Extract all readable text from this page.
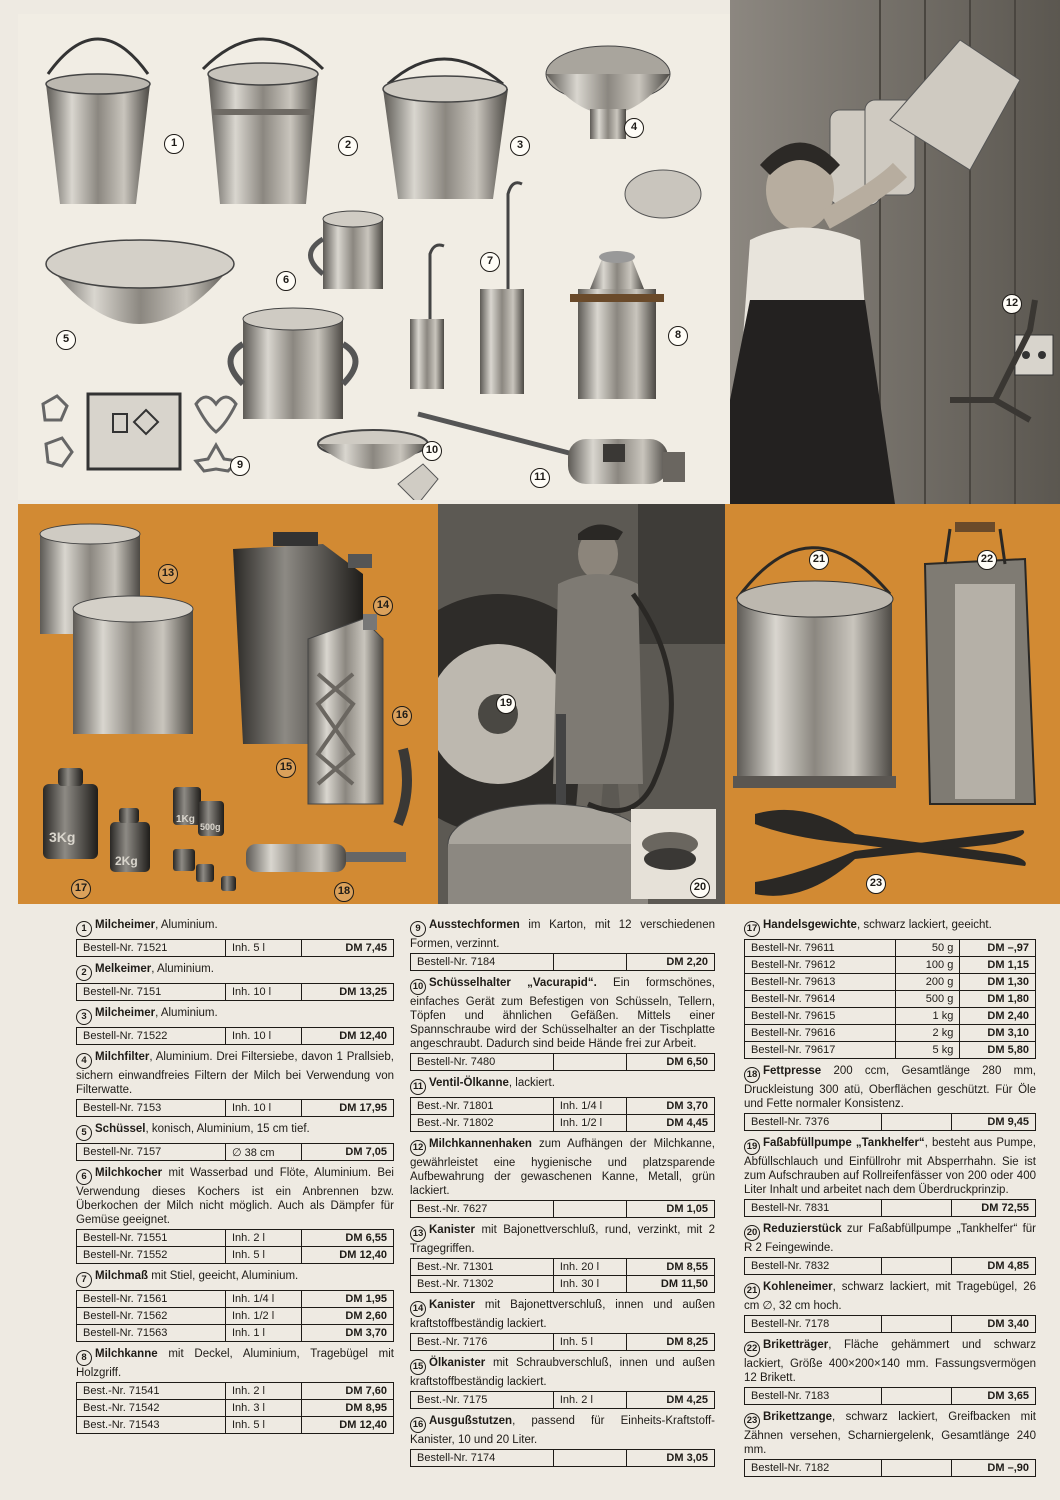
1	2	3
4
5
6
7
8
9
10
11
12
3Kg
2Kg
1Kg
500g
13
14
15
16
17	18
19
20
21	22
23
1 Milcheimer, Aluminium.
Bestell-Nr. 71521	Inh. 5 l	DM 7,45
2 Melkeimer, Aluminium.
Bestell-Nr. 7151	Inh. 10 l	DM 13,25
3 Milcheimer, Aluminium.
Bestell-Nr. 71522	Inh. 10 l	DM 12,40
4 Milchfilter, Aluminium. Drei Filtersiebe, davon 1 Prallsieb, sichern einwandfreies Filtern der Milch bei Verwendung von Filterwatte.
Bestell-Nr. 7153	Inh. 10 l	DM 17,95
5 Schüssel, konisch, Aluminium, 15 cm tief.
Bestell-Nr. 7157	∅ 38 cm	DM 7,05
6 Milchkocher mit Wasserbad und Flöte, Aluminium. Bei Verwendung dieses Kochers ist ein Anbrennen bzw. Überkochen der Milch nicht möglich. Auch als Dämpfer für Gemüse geeignet.
Bestell-Nr. 71551	Inh. 2 l	DM 6,55
Bestell-Nr. 71552	Inh. 5 l	DM 12,40
7 Milchmaß mit Stiel, geeicht, Aluminium.
Bestell-Nr. 71561	Inh. 1/4 l	DM 1,95
Bestell-Nr. 71562	Inh. 1/2 l	DM 2,60
Bestell-Nr. 71563	Inh. 1 l	DM 3,70
8 Milchkanne mit Deckel, Aluminium, Tragebügel mit Holzgriff.
Best.-Nr. 71541	Inh. 2 l	DM 7,60
Best.-Nr. 71542	Inh. 3 l	DM 8,95
Best.-Nr. 71543	Inh. 5 l	DM 12,40
9 Ausstechformen im Karton, mit 12 verschiedenen Formen, verzinnt.
Bestell-Nr. 7184		DM 2,20
10 Schüsselhalter „Vacurapid“. Ein formschönes, einfaches Gerät zum Befestigen von Schüsseln, Tellern, Töpfen und ähnlichen Gefäßen. Mittels einer Spannschraube wird der Schüsselhalter an der Tischplatte angeschraubt. Dadurch sind beide Hände frei zur Arbeit.
Bestell-Nr. 7480		DM 6,50
11 Ventil-Ölkanne, lackiert.
Best.-Nr. 71801	Inh. 1/4 l	DM 3,70
Best.-Nr. 71802	Inh. 1/2 l	DM 4,45
12 Milchkannenhaken zum Aufhängen der Milchkanne, gewährleistet eine hygienische und platzsparende Aufbewahrung der gewaschenen Kanne, Metall, grün lackiert.
Best.-Nr. 7627		DM 1,05
13 Kanister mit Bajonettverschluß, rund, verzinkt, mit 2 Tragegriffen.
Best.-Nr. 71301	Inh. 20 l	DM 8,55
Best.-Nr. 71302	Inh. 30 l	DM 11,50
14 Kanister mit Bajonettverschluß, innen und außen kraftstoffbeständig lackiert.
Best.-Nr. 7176	Inh. 5 l	DM 8,25
15 Ölkanister mit Schraubverschluß, innen und außen kraftstoffbeständig lackiert.
Best.-Nr. 7175	Inh. 2 l	DM 4,25
16 Ausgußstutzen, passend für Einheits-Kraftstoff-Kanister, 10 und 20 Liter.
Bestell-Nr. 7174		DM 3,05
17 Handelsgewichte, schwarz lackiert, geeicht.
Bestell-Nr. 79611	50 g	DM –,97
Bestell-Nr. 79612	100 g	DM 1,15
Bestell-Nr. 79613	200 g	DM 1,30
Bestell-Nr. 79614	500 g	DM 1,80
Bestell-Nr. 79615	1 kg	DM 2,40
Bestell-Nr. 79616	2 kg	DM 3,10
Bestell-Nr. 79617	5 kg	DM 5,80
18 Fettpresse 200 ccm, Gesamtlänge 280 mm, Druckleistung 300 atü, Oberflächen geschützt. Für Öle und Fette normaler Konsistenz.
Bestell-Nr. 7376		DM 9,45
19 Faßabfüllpumpe „Tankhelfer“, besteht aus Pumpe, Abfüllschlauch und Einfüllrohr mit Absperrhahn. Sie ist zum Aufschrauben auf Rollreifenfässer von 200 oder 400 Liter Inhalt und arbeitet nach dem Überdruckprinzip.
Bestell-Nr. 7831		DM 72,55
20 Reduzierstück zur Faßabfüllpumpe „Tankhelfer“ für R 2 Feingewinde.
Bestell-Nr. 7832		DM 4,85
21 Kohleneimer, schwarz lackiert, mit Tragebügel, 26 cm ∅, 32 cm hoch.
Bestell-Nr. 7178		DM 3,40
22 Briketträger, Fläche gehämmert und schwarz lackiert, Größe 400×200×140 mm. Fassungsvermögen 12 Brikett.
Bestell-Nr. 7183		DM 3,65
23 Brikettzange, schwarz lackiert, Greifbacken mit Zähnen versehen, Scharniergelenk, Gesamtlänge 240 mm.
Bestell-Nr. 7182		DM –,90
